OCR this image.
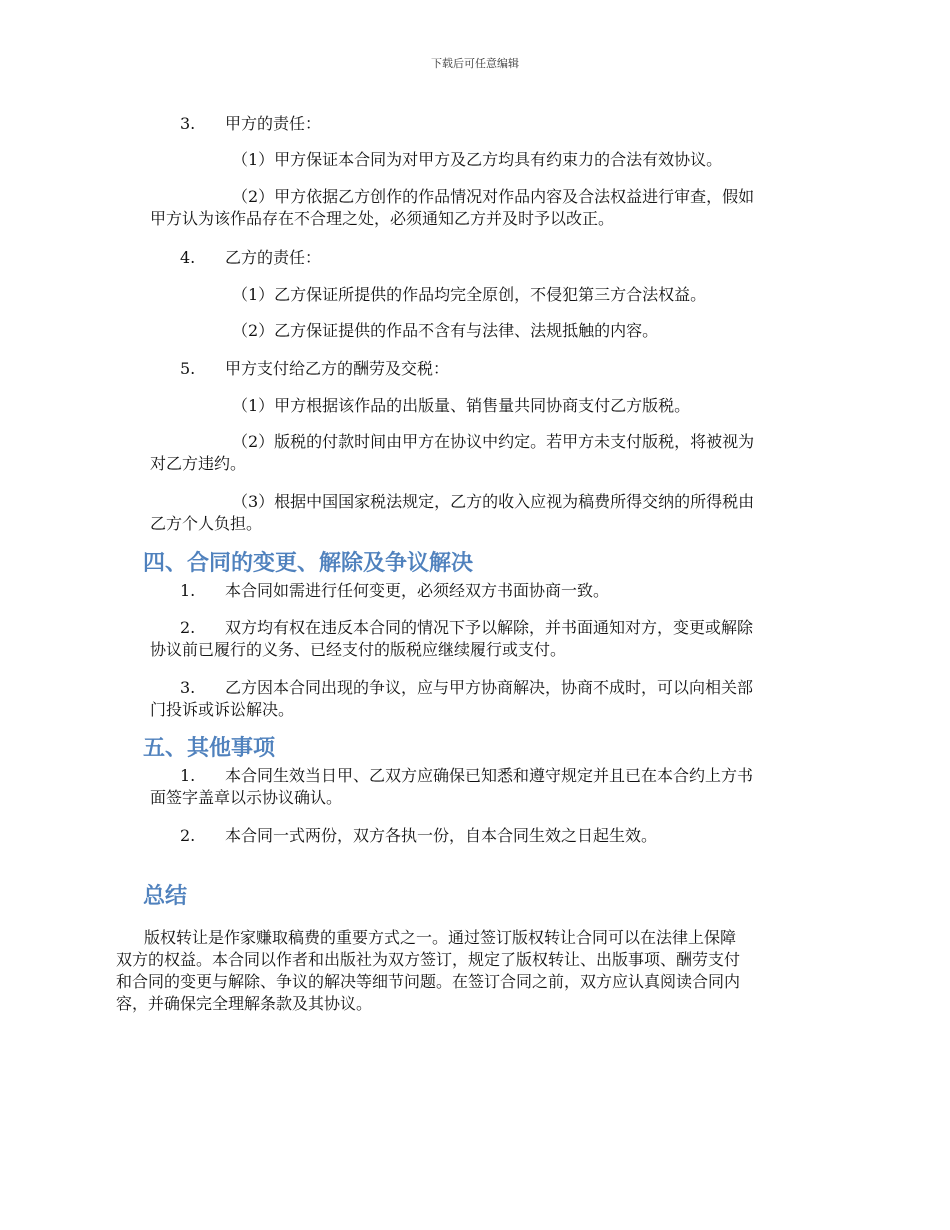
下载后可任意编辑
3. 甲方的责任：
（1）甲方保证本合同为对甲方及乙方均具有约束力的合法有效协议。
（2）甲方依据乙方创作的作品情况对作品内容及合法权益进行审查，假如
甲方认为该作品存在不合理之处，必须通知乙方并及时予以改正。
4. 乙方的责任：
（1）乙方保证所提供的作品均完全原创，不侵犯第三方合法权益。
（2）乙方保证提供的作品不含有与法律、法规抵触的内容。
5. 甲方支付给乙方的酬劳及交税：
（1）甲方根据该作品的出版量、销售量共同协商支付乙方版税。
（2）版税的付款时间由甲方在协议中约定。若甲方未支付版税，将被视为
对乙方违约。
（3）根据中国国家税法规定，乙方的收入应视为稿费所得交纳的所得税由
乙方个人负担。
四、合同的变更、解除及争议解决
1. 本合同如需进行任何变更，必须经双方书面协商一致。
2. 双方均有权在违反本合同的情况下予以解除，并书面通知对方，变更或解除
协议前已履行的义务、已经支付的版税应继续履行或支付。
3. 乙方因本合同出现的争议，应与甲方协商解决，协商不成时，可以向相关部
门投诉或诉讼解决。
五、其他事项
1. 本合同生效当日甲、乙双方应确保已知悉和遵守规定并且已在本合约上方书
面签字盖章以示协议确认。
2. 本合同一式两份，双方各执一份，自本合同生效之日起生效。
总结
版权转让是作家赚取稿费的重要方式之一。通过签订版权转让合同可以在法律上保障
双方的权益。本合同以作者和出版社为双方签订，规定了版权转让、出版事项、酬劳支付
和合同的变更与解除、争议的解决等细节问题。在签订合同之前，双方应认真阅读合同内
容，并确保完全理解条款及其协议。
